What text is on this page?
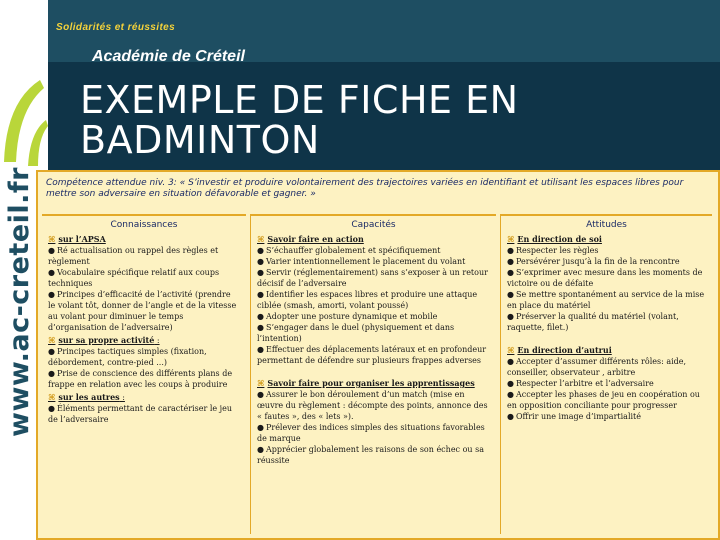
www.ac-creteil.fr
Solidarités et réussites
Académie de Créteil
EXEMPLE DE FICHE EN BADMINTON
Compétence attendue niv. 3: « S’investir et produire volontairement des trajectoires variées en identifiant et utilisant les espaces libres pour mettre son adversaire en situation défavorable et gagner. »
Connaissances
⌘ sur l’APSA
● Ré actualisation ou rappel des règles et règlement
● Vocabulaire spécifique relatif aux coups techniques
● Principes d’efficacité de l’activité (prendre le volant tôt, donner de l’angle et de la vitesse au volant pour diminuer le temps d’organisation de l’adversaire)
⌘ sur sa propre activité :
● Principes tactiques simples (fixation, débordement, contre-pied ...)
● Prise de conscience des différents plans de frappe en relation avec les coups à produire
⌘ sur les autres :
● Éléments permettant de caractériser le jeu de l’adversaire
Capacités
⌘ Savoir faire en action
● S’échauffer globalement et spécifiquement
● Varier intentionnellement le placement du volant
● Servir (réglementairement) sans s’exposer à un retour décisif de l’adversaire
● Identifier les espaces libres et produire une attaque ciblée (smash, amorti, volant poussé)
● Adopter une posture dynamique et mobile
● S’engager dans le duel (physiquement et dans l’intention)
● Effectuer des déplacements latéraux et en profondeur permettant de défendre sur plusieurs frappes adverses
⌘ Savoir faire pour organiser les apprentissages
● Assurer le bon déroulement d’un match (mise en œuvre du règlement : décompte des points, annonce des « fautes », des « lets »).
● Prélever des indices simples des situations favorables de marque
● Apprécier globalement les raisons de son échec ou sa réussite
Attitudes
⌘ En direction de soi
● Respecter les règles
● Persévérer jusqu’à la fin de la rencontre
● S’exprimer avec mesure dans les moments de victoire ou de défaite
● Se mettre spontanément au service de la mise en place du matériel
● Préserver la qualité du matériel (volant, raquette, filet.)
⌘ En direction d’autrui
● Accepter d’assumer différents rôles: aide, conseiller, observateur , arbitre
● Respecter l’arbitre et l’adversaire
● Accepter les phases de jeu en coopération ou en opposition conciliante pour progresser
● Offrir une image d’impartialité
